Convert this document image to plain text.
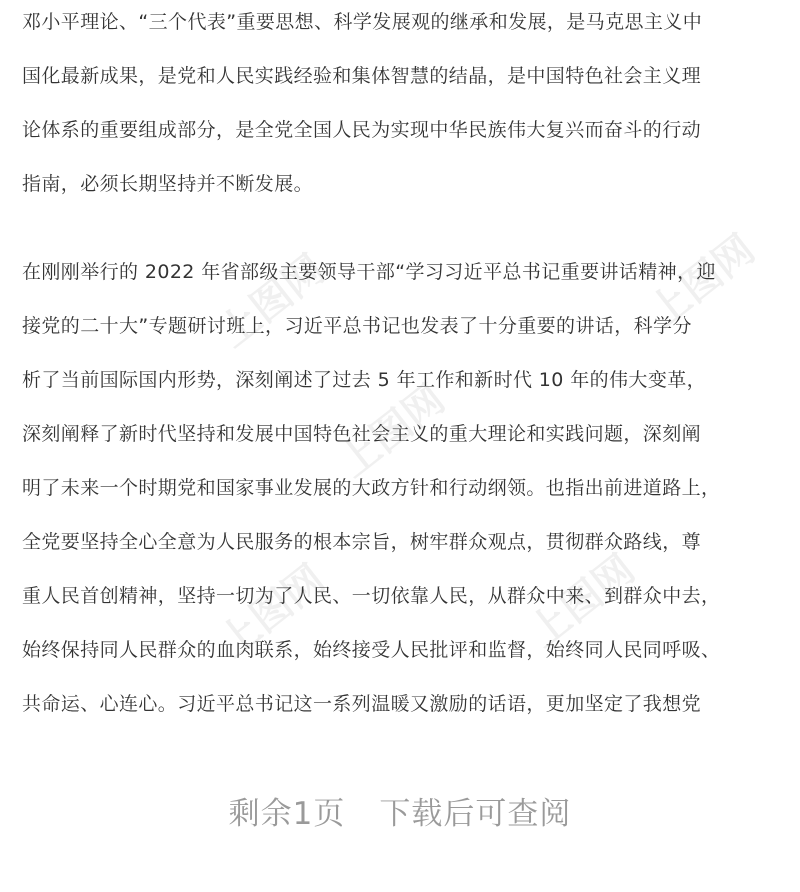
上图网	上图网
上图网
上图网	上图网
邓小平理论、“三个代表”重要思想、科学发展观的继承和发展，是马克思主义中
国化最新成果，是党和人民实践经验和集体智慧的结晶，是中国特色社会主义理
论体系的重要组成部分，是全党全国人民为实现中华民族伟大复兴而奋斗的行动
指南，必须长期坚持并不断发展。
在刚刚举行的 2022 年省部级主要领导干部“学习习近平总书记重要讲话精神，迎
接党的二十大”专题研讨班上，习近平总书记也发表了十分重要的讲话，科学分
析了当前国际国内形势，深刻阐述了过去 5 年工作和新时代 10 年的伟大变革，
深刻阐释了新时代坚持和发展中国特色社会主义的重大理论和实践问题，深刻阐
明了未来一个时期党和国家事业发展的大政方针和行动纲领。也指出前进道路上，
全党要坚持全心全意为人民服务的根本宗旨，树牢群众观点，贯彻群众路线，尊
重人民首创精神，坚持一切为了人民、一切依靠人民，从群众中来、到群众中去，
始终保持同人民群众的血肉联系，始终接受人民批评和监督，始终同人民同呼吸、
共命运、心连心。习近平总书记这一系列温暖又激励的话语，更加坚定了我想党
剩余1页 下载后可查阅
